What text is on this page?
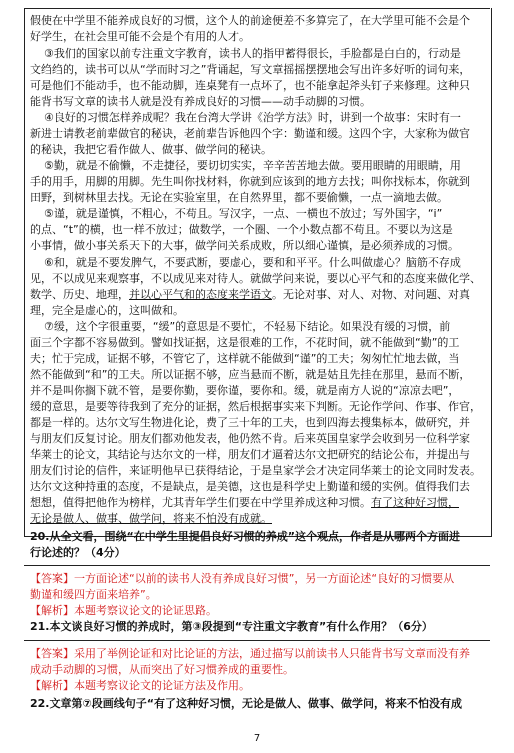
假使在中学里不能养成良好的习惯，这个人的前途便差不多算完了，在大学里可能不会是个
好学生，在社会里可能不会是个有用的人才。
③我们的国家以前专注重文字教育，读书人的指甲蓄得很长，手脸都是白白的，行动是
文绉绉的，读书可以从“学而时习之”背诵起，写文章摇摇摆摆地会写出许多好听的词句来，
可是他们不能动手，也不能动脚，连桌凳有一点坏了，也不能拿起斧头钉子来修理。这种只
能背书写文章的读书人就是没有养成良好的习惯——动手动脚的习惯。
④良好的习惯怎样养成呢？我在台湾大学讲《治学方法》时，讲到一个故事：宋时有一
新进士请教老前辈做官的秘诀，老前辈告诉他四个字：勤谨和缓。这四个字，大家称为做官
的秘诀，我把它看作做人、做事、做学问的秘诀。
⑤勤，就是不偷懒，不走捷径，要切切实实，辛辛苦苦地去做。要用眼睛的用眼睛，用
手的用手，用脚的用脚。先生叫你找材料，你就到应该到的地方去找；叫你找标本，你就到
田野，到树林里去找。无论在实验室里，在自然界里，都不要偷懒，一点一滴地去做。
⑤谨，就是谨慎，不粗心，不苟且。写汉字，一点、一横也不放过；写外国字，“i”
的点、“t”的横，也一样不放过；做数学，一个圈、一个小数点都不苟且。不要以为这是
小事情，做小事关系天下的大事，做学问关系成败，所以细心谨慎，是必须养成的习惯。
⑥和，就是不要发脾气，不要武断，要虚心，要和和平平。什么叫做虚心？脑筋不存成
见，不以成见来观察事，不以成见来对待人。就做学问来说，要以心平气和的态度来做化学、
数学、历史、地理，并以心平气和的态度来学语文。无论对事、对人、对物、对问题、对真
理，完全是虚心的，这叫做和。
⑦缓，这个字很重要，“缓”的意思是不要忙，不轻易下结论。如果没有缓的习惯，前
面三个字都不容易做到。譬如找证据，这是很难的工作，不花时间，就不能做到“勤”的工
夫；忙于完成，证据不够，不管它了，这样就不能做到“谨”的工夫；匆匆忙忙地去做，当
然不能做到“和”的工夫。所以证据不够，应当悬而不断，就是姑且先挂在那里，悬而不断，
并不是叫你搁下就不管，是要你勤，要你谨，要你和。缓，就是南方人说的“凉凉去吧”，
缓的意思，是要等待我到了充分的证据，然后根据事实来下判断。无论作学问、作事、作官，
都是一样的。达尔文写生物进化论，费了三十年的工夫，也到四海去搜集标本，做研究，并
与朋友们反复讨论。朋友们都劝他发表，他仍然不肯。后来英国皇家学会收到另一位科学家
华莱士的论文，其结论与达尔文的一样，朋友们才逼着达尔文把研究的结论公布，并提出与
朋友们讨论的信件，来证明他早已获得结论，于是皇家学会才决定同华莱士的论文同时发表。
达尔文这种持重的态度，不是缺点，是美德，这也是科学史上勤谨和缓的实例。值得我们去
想想，值得把他作为榜样，尤其青年学生们要在中学里养成这种习惯。有了这种好习惯，
无论是做人、做事、做学问，将来不怕没有成就。
20.从全文看，围绕“在中学生里提倡良好习惯的养成”这个观点，作者是从哪两个方面进
行论述的？（4分）
【答案】一方面论述“以前的读书人没有养成良好习惯”，另一方面论述“良好的习惯要从
勤谨和缓四方面来培养”。
【解析】本题考察议论文的论证思路。
21.本文谈良好习惯的养成时，第③段提到“专注重文字教育”有什么作用？（6分）
【答案】采用了举例论证和对比论证的方法，通过描写以前读书人只能背书写文章而没有养
成动手动脚的习惯，从而突出了好习惯养成的重要性。
【解析】本题考察议论文的论证方法及作用。
22.文章第⑦段画线句子“有了这种好习惯，无论是做人、做事、做学问，将来不怕没有成
7
